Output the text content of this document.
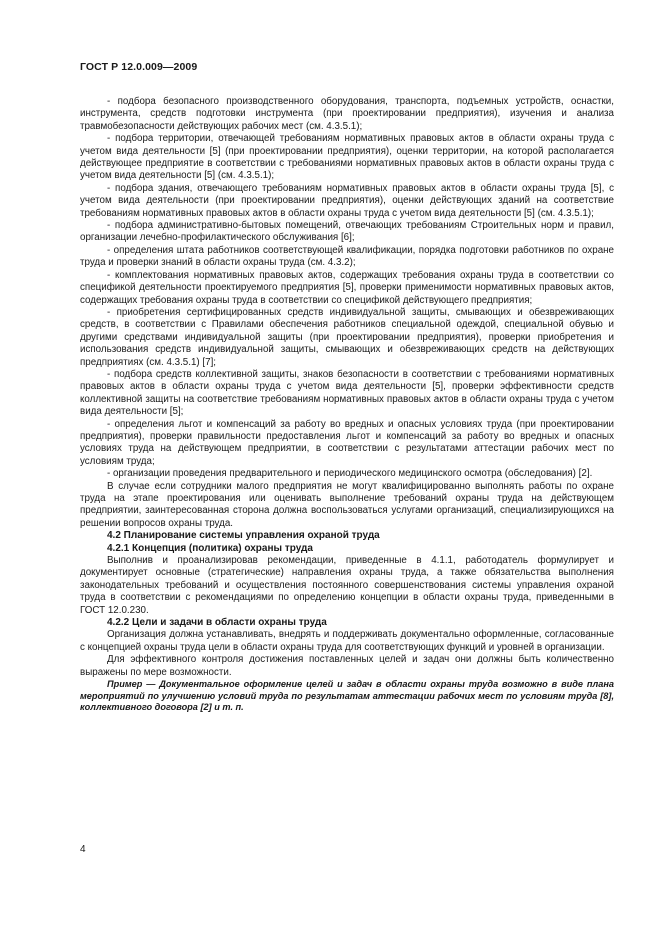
ГОСТ Р 12.0.009—2009

- подбора безопасного производственного оборудования, транспорта, подъемных устройств, оснастки, инструмента, средств подготовки инструмента (при проектировании предприятия), изучения и анализа травмобезопасности действующих рабочих мест (см. 4.3.5.1);

- подбора территории, отвечающей требованиям нормативных правовых актов в области охраны труда с учетом вида деятельности [5] (при проектировании предприятия), оценки территории, на которой располагается действующее предприятие в соответствии с требованиями нормативных правовых актов в области охраны труда с учетом вида деятельности [5] (см. 4.3.5.1);

- подбора здания, отвечающего требованиям нормативных правовых актов в области охраны труда [5], с учетом вида деятельности (при проектировании предприятия), оценки действующих зданий на соответствие требованиям нормативных правовых актов в области охраны труда с учетом вида деятельности [5] (см. 4.3.5.1);

- подбора административно-бытовых помещений, отвечающих требованиям Строительных норм и правил, организации лечебно-профилактического обслуживания [6];

- определения штата работников соответствующей квалификации, порядка подготовки работников по охране труда и проверки знаний в области охраны труда (см. 4.3.2);

- комплектования нормативных правовых актов, содержащих требования охраны труда в соответствии со спецификой деятельности проектируемого предприятия [5], проверки применимости нормативных правовых актов, содержащих требования охраны труда в соответствии со спецификой действующего предприятия;

- приобретения сертифицированных средств индивидуальной защиты, смывающих и обезвреживающих средств, в соответствии с Правилами обеспечения работников специальной одеждой, специальной обувью и другими средствами индивидуальной защиты (при проектировании предприятия), проверки приобретения и использования средств индивидуальной защиты, смывающих и обезвреживающих средств на действующих предприятиях (см. 4.3.5.1) [7];

- подбора средств коллективной защиты, знаков безопасности в соответствии с требованиями нормативных правовых актов в области охраны труда с учетом вида деятельности [5], проверки эффективности средств коллективной защиты на соответствие требованиям нормативных правовых актов в области охраны труда с учетом вида деятельности [5];

- определения льгот и компенсаций за работу во вредных и опасных условиях труда (при проектировании предприятия), проверки правильности предоставления льгот и компенсаций за работу во вредных и опасных условиях труда на действующем предприятии, в соответствии с результатами аттестации рабочих мест по условиям труда;

- организации проведения предварительного и периодического медицинского осмотра (обследования) [2].

В случае если сотрудники малого предприятия не могут квалифицированно выполнять работы по охране труда на этапе проектирования или оценивать выполнение требований охраны труда на действующем предприятии, заинтересованная сторона должна воспользоваться услугами организаций, специализирующихся на решении вопросов охраны труда.

4.2 Планирование системы управления охраной труда

4.2.1 Концепция (политика) охраны труда

Выполнив и проанализировав рекомендации, приведенные в 4.1.1, работодатель формулирует и документирует основные (стратегические) направления охраны труда, а также обязательства выполнения законодательных требований и осуществления постоянного совершенствования системы управления охраной труда в соответствии с рекомендациями по определению концепции в области охраны труда, приведенными в ГОСТ 12.0.230.

4.2.2 Цели и задачи в области охраны труда

Организация должна устанавливать, внедрять и поддерживать документально оформленные, согласованные с концепцией охраны труда цели в области охраны труда для соответствующих функций и уровней в организации.

Для эффективного контроля достижения поставленных целей и задач они должны быть количественно выражены по мере возможности.

Пример — Документальное оформление целей и задач в области охраны труда возможно в виде плана мероприятий по улучшению условий труда по результатам аттестации рабочих мест по условиям труда [8], коллективного договора [2] и т. п.

4
